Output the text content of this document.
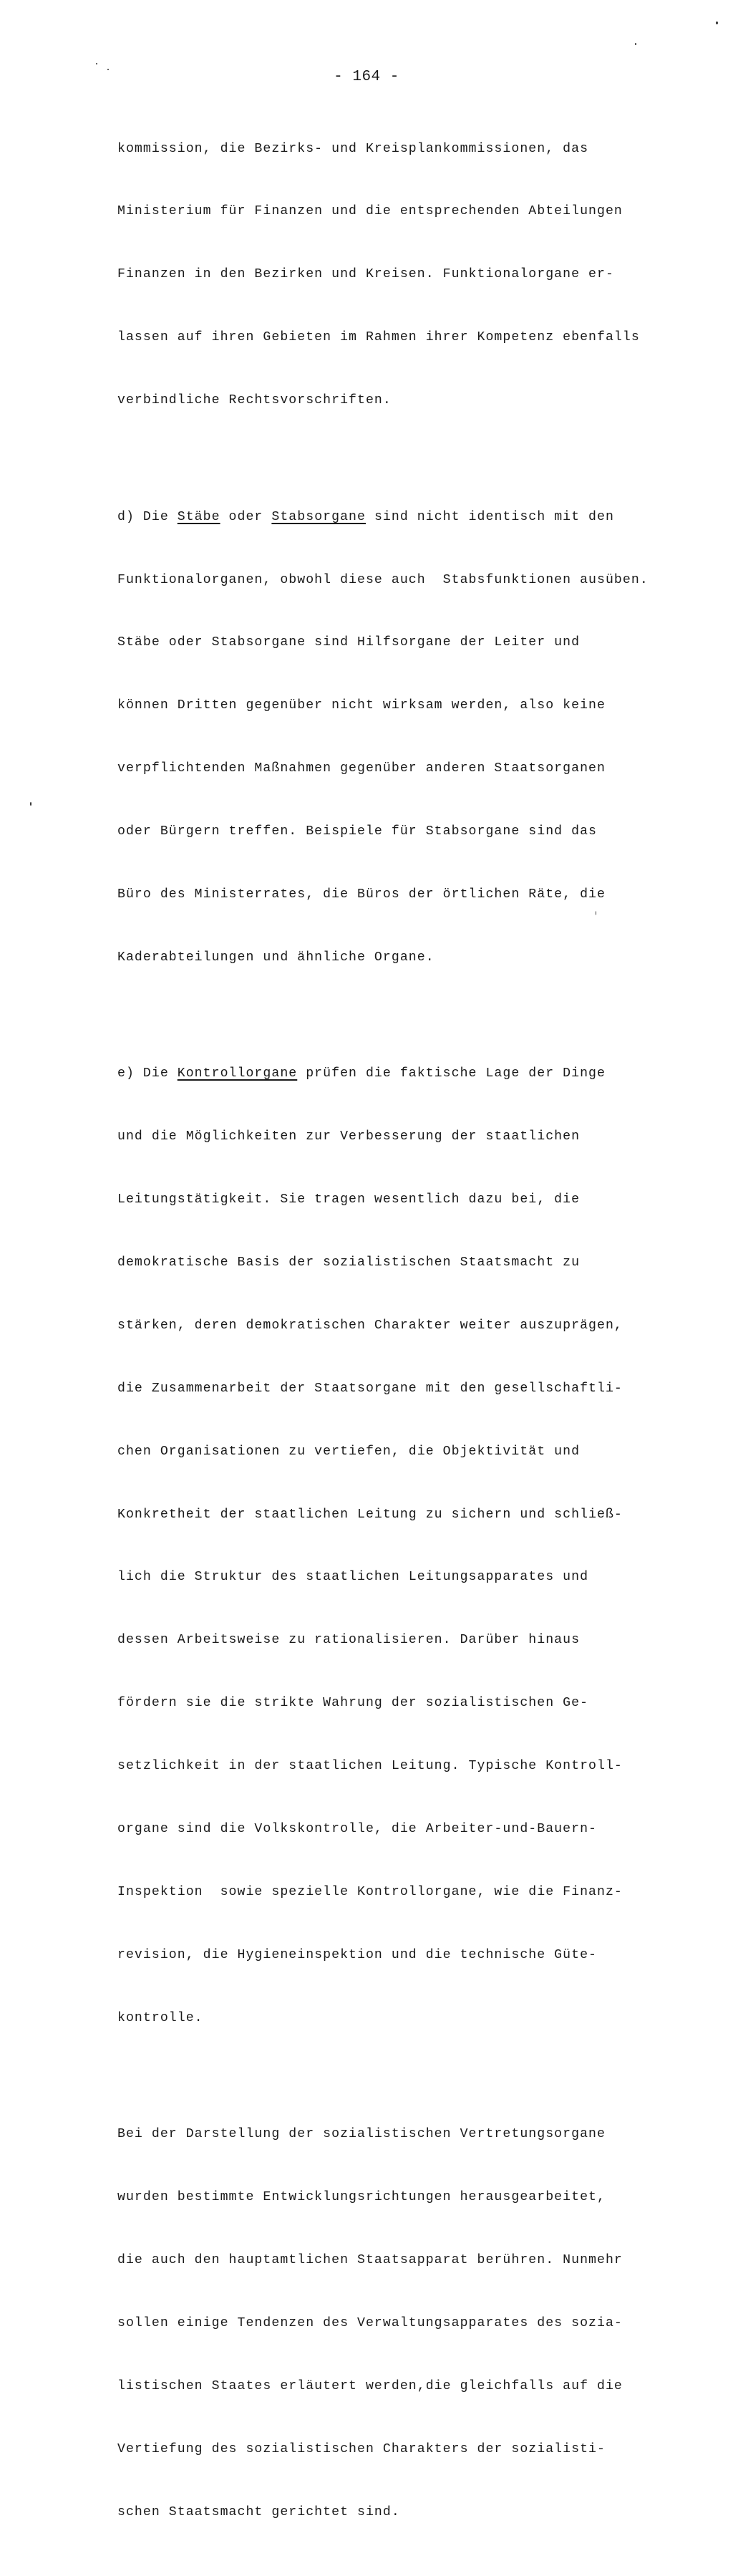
- 164 -

kommission, die Bezirks- und Kreisplankommissionen, das

Ministerium für Finanzen und die entsprechenden Abteilungen

Finanzen in den Bezirken und Kreisen. Funktionalorgane er-

lassen auf ihren Gebieten im Rahmen ihrer Kompetenz ebenfalls

verbindliche Rechtsvorschriften.

d) Die Stäbe oder Stabsorgane sind nicht identisch mit den

Funktionalorganen, obwohl diese auch  Stabsfunktionen ausüben.

Stäbe oder Stabsorgane sind Hilfsorgane der Leiter und

können Dritten gegenüber nicht wirksam werden, also keine

verpflichtenden Maßnahmen gegenüber anderen Staatsorganen

oder Bürgern treffen. Beispiele für Stabsorgane sind das

Büro des Ministerrates, die Büros der örtlichen Räte, die

Kaderabteilungen und ähnliche Organe.

e) Die Kontrollorgane prüfen die faktische Lage der Dinge

und die Möglichkeiten zur Verbesserung der staatlichen

Leitungstätigkeit. Sie tragen wesentlich dazu bei, die

demokratische Basis der sozialistischen Staatsmacht zu

stärken, deren demokratischen Charakter weiter auszuprägen,

die Zusammenarbeit der Staatsorgane mit den gesellschaftli-

chen Organisationen zu vertiefen, die Objektivität und

Konkretheit der staatlichen Leitung zu sichern und schließ-

lich die Struktur des staatlichen Leitungsapparates und

dessen Arbeitsweise zu rationalisieren. Darüber hinaus

fördern sie die strikte Wahrung der sozialistischen Ge-

setzlichkeit in der staatlichen Leitung. Typische Kontroll-

organe sind die Volkskontrolle, die Arbeiter-und-Bauern-

Inspektion  sowie spezielle Kontrollorgane, wie die Finanz-

revision, die Hygieneinspektion und die technische Güte-

kontrolle.

Bei der Darstellung der sozialistischen Vertretungsorgane

wurden bestimmte Entwicklungsrichtungen herausgearbeitet,

die auch den hauptamtlichen Staatsapparat berühren. Nunmehr

sollen einige Tendenzen des Verwaltungsapparates des sozia-

listischen Staates erläutert werden,die gleichfalls auf die

Vertiefung des sozialistischen Charakters der sozialisti-

schen Staatsmacht gerichtet sind.
